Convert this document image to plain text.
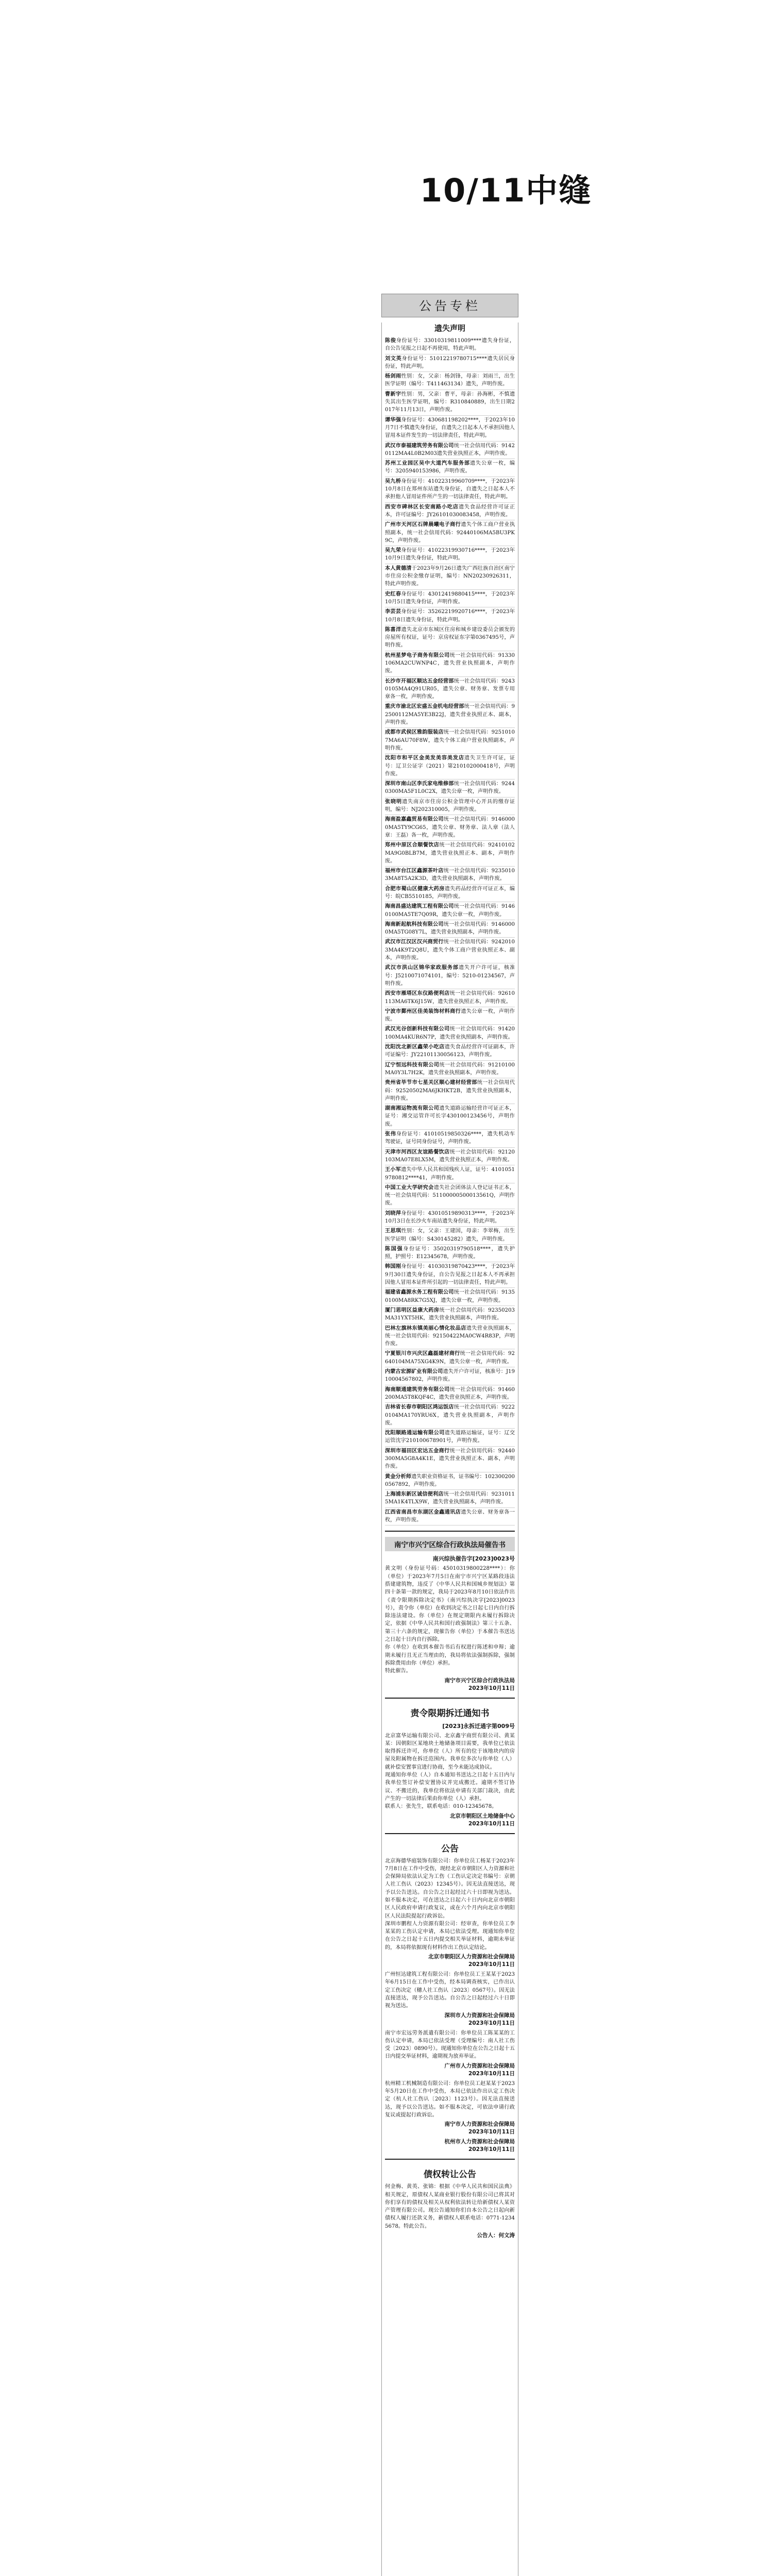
10/11中缝
公告专栏
遗失声明

陈俊身份证号：33010319811009****遗失身份证，自公告见报之日起不再使用，特此声明。

刘文英身份证号：51012219780715****遗失居民身份证，特此声明。

杨剑雨性别：女，父亲：杨剑锋，母亲：刘雨兰，出生医学证明（编号：T411463134）遗失，声明作废。

曹新宇性别：男，父亲：曹平，母亲：孙海彬，不慎遗失其出生医学证明，编号：R310840889，出生日期2017年11月13日，声明作废。

谭华强身份证号：430681198202****，于2023年10月7日不慎遗失身份证，自遗失之日起本人不承担因他人冒用本证件发生的一切法律责任，特此声明。

武汉市泰福建筑劳务有限公司统一社会信用代码：91420112MA4L0B2M03遗失营业执照正本，声明作废。

苏州工业园区吴中大道汽车服务部遗失公章一枚，编号：3205940153986，声明作废。

吴九桥身份证号：41022319960709****，于2023年10月8日在郑州东站遗失身份证，自遗失之日起本人不承担他人冒用证件所产生的一切法律责任，特此声明。

西安市碑林区长安南路小吃店遗失食品经营许可证正本，许可证编号：JY26101030083458，声明作废。

广州市天河区石牌晨曦电子商行遗失个体工商户营业执照副本，统一社会信用代码：92440106MA5BU3PK9C，声明作废。

吴九荣身份证号：41022319930716****，于2023年10月9日遗失身份证，特此声明。

本人黄德清于2023年9月26日遗失广西壮族自治区南宁市住房公积金缴存证明，编号：NN20230926311，特此声明作废。

史红春身份证号：43012419880415****，于2023年10月5日遗失身份证，声明作废。

李芸芸身份证号：35262219920716****，于2023年10月8日遗失身份证，特此声明。

陈喜洋遗失北京市东城区住房和城乡建设委员会颁发的房屋所有权证，证号：京房权证东字第0367495号，声明作废。

杭州星梦电子商务有限公司统一社会信用代码：91330106MA2CUWNP4C，遗失营业执照副本，声明作废。

长沙市开福区顺达五金经营部统一社会信用代码：92430105MA4Q91UR05，遗失公章、财务章、发票专用章各一枚，声明作废。

重庆市渝北区宏盛五金机电经营部统一社会信用代码：92500112MA5YE3B22J，遗失营业执照正本、副本，声明作废。

成都市武侯区雅韵服装店统一社会信用代码：92510107MA6AU70F8W，遗失个体工商户营业执照副本，声明作废。

沈阳市和平区金美发美容美发店遗失卫生许可证，证号：辽卫公证字（2021）第210102000418号，声明作废。

深圳市南山区李氏家电维修部统一社会信用代码：92440300MA5F1L0C2X，遗失公章一枚，声明作废。

张晓明遗失南京市住房公积金管理中心开具的缴存证明，编号：NJ202310005，声明作废。

海南盈嘉鑫贸易有限公司统一社会信用代码：91460000MA5TY9CG65，遗失公章、财务章、法人章（法人章：王磊）各一枚，声明作废。

郑州中原区合顺餐饮店统一社会信用代码：92410102MA9G0BLB7M，遗失营业执照正本、副本，声明作废。

福州市台江区鑫源茶叶店统一社会信用代码：92350103MA8T5A2K3D，遗失营业执照副本，声明作废。

合肥市蜀山区健康大药房遗失药品经营许可证正本，编号：皖CB5510185，声明作废。

海南昌盛达建筑工程有限公司统一社会信用代码：91460100MA5TE7Q09R，遗失公章一枚，声明作废。

海南新起航科技有限公司统一社会信用代码：91460000MA5TG08Y7L，遗失营业执照副本，声明作废。

武汉市江汉区汉兴商贸行统一社会信用代码：92420103MA4K9T2Q8U，遗失个体工商户营业执照正本、副本，声明作废。

武汉市洪山区锦华家政服务部遗失开户许可证，核准号：J5210071074101，编号：5210-01234567，声明作废。

西安市雁塔区东仪路便利店统一社会信用代码：92610113MA6TK6J15W，遗失营业执照正本，声明作废。

宁波市鄞州区佳美装饰材料商行遗失公章一枚，声明作废。

武汉光谷创新科技有限公司统一社会信用代码：91420100MA4KUR6N7P，遗失营业执照副本，声明作废。

沈阳沈北新区鑫荣小吃店遗失食品经营许可证副本，许可证编号：JY22101130056123，声明作废。

辽宁恒远科技有限公司统一社会信用代码：91210100MA0Y3L7H2K，遗失营业执照副本，声明作废。

贵州省毕节市七星关区顺心建材经营部统一社会信用代码：92520502MA6JKHKT2B，遗失营业执照副本，声明作废。

湖南湘运物流有限公司遗失道路运输经营许可证正本，证号：湘交运管许可长字430100123456号，声明作废。

张伟身份证号：41010519850326****，遗失机动车驾驶证，证号同身份证号，声明作废。

天津市河西区友谊路餐饮店统一社会信用代码：92120103MA07E8LX5M，遗失营业执照正本，声明作废。

王小军遗失中华人民共和国残疾人证，证号：41010519780812****41，声明作废。

中国工业大学研究会遗失社会团体法人登记证书正本，统一社会信用代码：51100000500013561Q，声明作废。

刘晓萍身份证号：43010519890313****，于2023年10月3日在长沙火车南站遗失身份证，特此声明。

王思琪性别：女，父亲：王建国，母亲：李翠梅，出生医学证明（编号：S430145282）遗失，声明作废。

陈国强身份证号：35020319790518****，遗失护照，护照号：E12345678，声明作废。

韩国刚身份证号：41030319870423****，于2023年9月30日遗失身份证，自公告见报之日起本人不再承担因他人冒用本证件所引起的一切法律责任，特此声明。

福建省鑫源水务工程有限公司统一社会信用代码：91350100MA8RK7G5XJ，遗失公章一枚，声明作废。

厦门思明区益康大药房统一社会信用代码：92350203MA31YXT5HK，遗失营业执照副本，声明作废。

巴林左旗林东镇美丽心情化妆品店遗失营业执照副本，统一社会信用代码：92150422MA0CW4R83P，声明作废。

宁夏银川市兴庆区鑫磊建材商行统一社会信用代码：92640104MA75XG4K9N，遗失公章一枚，声明作废。

内蒙古宏源矿业有限公司遗失开户许可证，核准号：J1910004567802，声明作废。

海南顺通建筑劳务有限公司统一社会信用代码：91460200MA5T8KQF4C，遗失营业执照正本，声明作废。

吉林省长春市朝阳区鸿运饭店统一社会信用代码：92220104MA170YRU6X，遗失营业执照副本，声明作废。

沈阳顺路通运输有限公司遗失道路运输证，证号：辽交运管沈字210100678901号，声明作废。

深圳市福田区宏达五金商行统一社会信用代码：92440300MA5G8A4K1E，遗失营业执照正本、副本，声明作废。

黄金分析师遗失职业资格证书，证书编号：1023002000567892，声明作废。

上海浦东新区诚信便利店统一社会信用代码：92310115MA1K4TLX9W，遗失营业执照副本，声明作废。

江西省南昌市东湖区金鑫通讯店遗失公章、财务章各一枚，声明作废。

南宁市兴宁区综合行政执法局催告书
南兴综执催告字[2023]0023号

黄文明（身份证号码：45010319800228****）：你（单位）于2023年7月5日在南宁市兴宁区某路段违法搭建建筑物，违反了《中华人民共和国城乡规划法》第四十条第一款的规定，我局于2023年8月10日依法作出《责令限期拆除决定书》（南兴综执决字[2023]0023号），责令你（单位）在收到决定书之日起七日内自行拆除违法建设。你（单位）在规定期限内未履行拆除决定，依据《中华人民共和国行政强制法》第三十五条、第三十六条的规定，现催告你（单位）于本催告书送达之日起十日内自行拆除。

你（单位）在收到本催告书后有权进行陈述和申辩；逾期未履行且无正当理由的，我局将依法强制拆除，强制拆除费用由你（单位）承担。

特此催告。

南宁市兴宁区综合行政执法局
2023年10月11日
责令限期拆迁通知书
[2023]永拆迁通字第009号

北京富华运输有限公司、北京鑫宇商贸有限公司、黄某某：因朝阳区某地块土地储备项目需要，我单位已依法取得拆迁许可，你单位（人）所有的位于该地块内的房屋及附属物在拆迁范围内。我单位多次与你单位（人）就补偿安置事宜进行协商，至今未能达成协议。

现通知你单位（人）自本通知书送达之日起十五日内与我单位签订补偿安置协议并完成搬迁。逾期不签订协议、不搬迁的，我单位将依法申请有关部门裁决，由此产生的一切法律后果由你单位（人）承担。

联系人：张先生，联系电话：010-12345678。

北京市朝阳区土地储备中心
2023年10月11日
公告

北京海德华庭装饰有限公司：你单位员工杨某于2023年7月8日在工作中受伤，现经北京市朝阳区人力资源和社会保障局依法认定为工伤（工伤认定决定书编号：京朝人社工伤认（2023）12345号）。因无法直接送达，现予以公告送达。自公告之日起经过六十日即视为送达。如不服本决定，可在送达之日起六十日内向北京市朝阳区人民政府申请行政复议，或在六个月内向北京市朝阳区人民法院提起行政诉讼。

深圳市鹏程人力资源有限公司：经审查，你单位员工李某某的工伤认定申请，本局已依法受理。现通知你单位在公告之日起十五日内提交相关举证材料，逾期未举证的，本局将依据现有材料作出工伤认定结论。

北京市朝阳区人力资源和社会保障局
2023年10月11日

广州恒达建筑工程有限公司：你单位员工王某某于2023年6月15日在工作中受伤，经本局调查核实，已作出认定工伤决定（穗人社工伤认〔2023〕0567号）。因无法直接送达，现予公告送达。自公告之日起经过六十日即视为送达。

深圳市人力资源和社会保障局
2023年10月11日

南宁市宏远劳务派遣有限公司：你单位员工陈某某的工伤认定申请，本局已依法受理（受理编号：南人社工伤受〔2023〕0890号）。现通知你单位在公告之日起十五日内提交举证材料，逾期视为放弃举证。

广州市人力资源和社会保障局
2023年10月11日

杭州精工机械制造有限公司：你单位员工赵某某于2023年5月20日在工作中受伤，本局已依法作出认定工伤决定（杭人社工伤认〔2023〕1123号）。因无法直接送达，现予以公告送达。如不服本决定，可依法申请行政复议或提起行政诉讼。

南宁市人力资源和社会保障局
2023年10月11日
杭州市人力资源和社会保障局
2023年10月11日
债权转让公告

何金梅、黄英、张锦：根据《中华人民共和国民法典》相关规定，原债权人某商业银行股份有限公司已将其对你们享有的债权及相关从权利依法转让给新债权人某资产管理有限公司。现公告通知你们自本公告之日起向新债权人履行还款义务，新债权人联系电话：0771-12345678。特此公告。

公告人：何文涛
